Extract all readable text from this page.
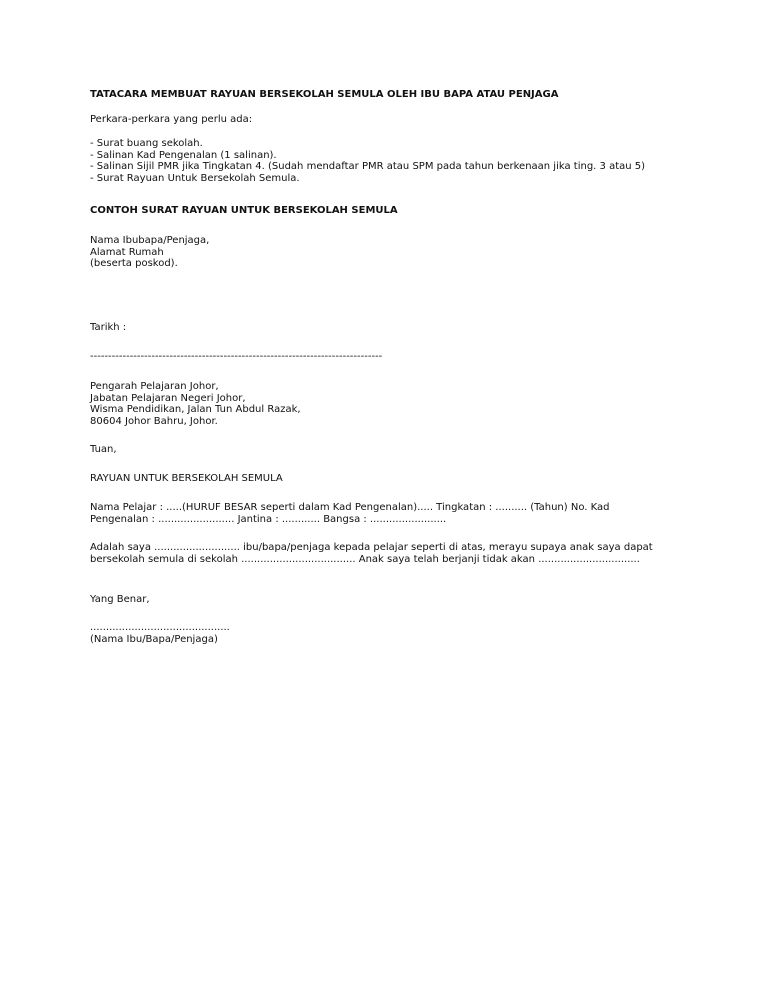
TATACARA MEMBUAT RAYUAN BERSEKOLAH SEMULA OLEH IBU BAPA ATAU PENJAGA
Perkara-perkara yang perlu ada:
- Surat buang sekolah.
- Salinan Kad Pengenalan (1 salinan).
- Salinan Sijil PMR jika Tingkatan 4. (Sudah mendaftar PMR atau SPM pada tahun berkenaan jika ting. 3 atau 5)
- Surat Rayuan Untuk Bersekolah Semula.
CONTOH SURAT RAYUAN UNTUK BERSEKOLAH SEMULA
Nama Ibubapa/Penjaga,
Alamat Rumah
(beserta poskod).
Tarikh :
---------------------------------------------------------------------------------
Pengarah Pelajaran Johor,
Jabatan Pelajaran Negeri Johor,
Wisma Pendidikan, Jalan Tun Abdul Razak,
80604 Johor Bahru, Johor.
Tuan,
RAYUAN UNTUK BERSEKOLAH SEMULA
Nama Pelajar : .....(HURUF BESAR seperti dalam Kad Pengenalan)..... Tingkatan : .......... (Tahun) No. Kad
Pengenalan : ........................ Jantina : ............ Bangsa : ........................
Adalah saya ........................... ibu/bapa/penjaga kepada pelajar seperti di atas, merayu supaya anak saya dapat
bersekolah semula di sekolah .................................... Anak saya telah berjanji tidak akan ................................
Yang Benar,
............................................
(Nama Ibu/Bapa/Penjaga)
